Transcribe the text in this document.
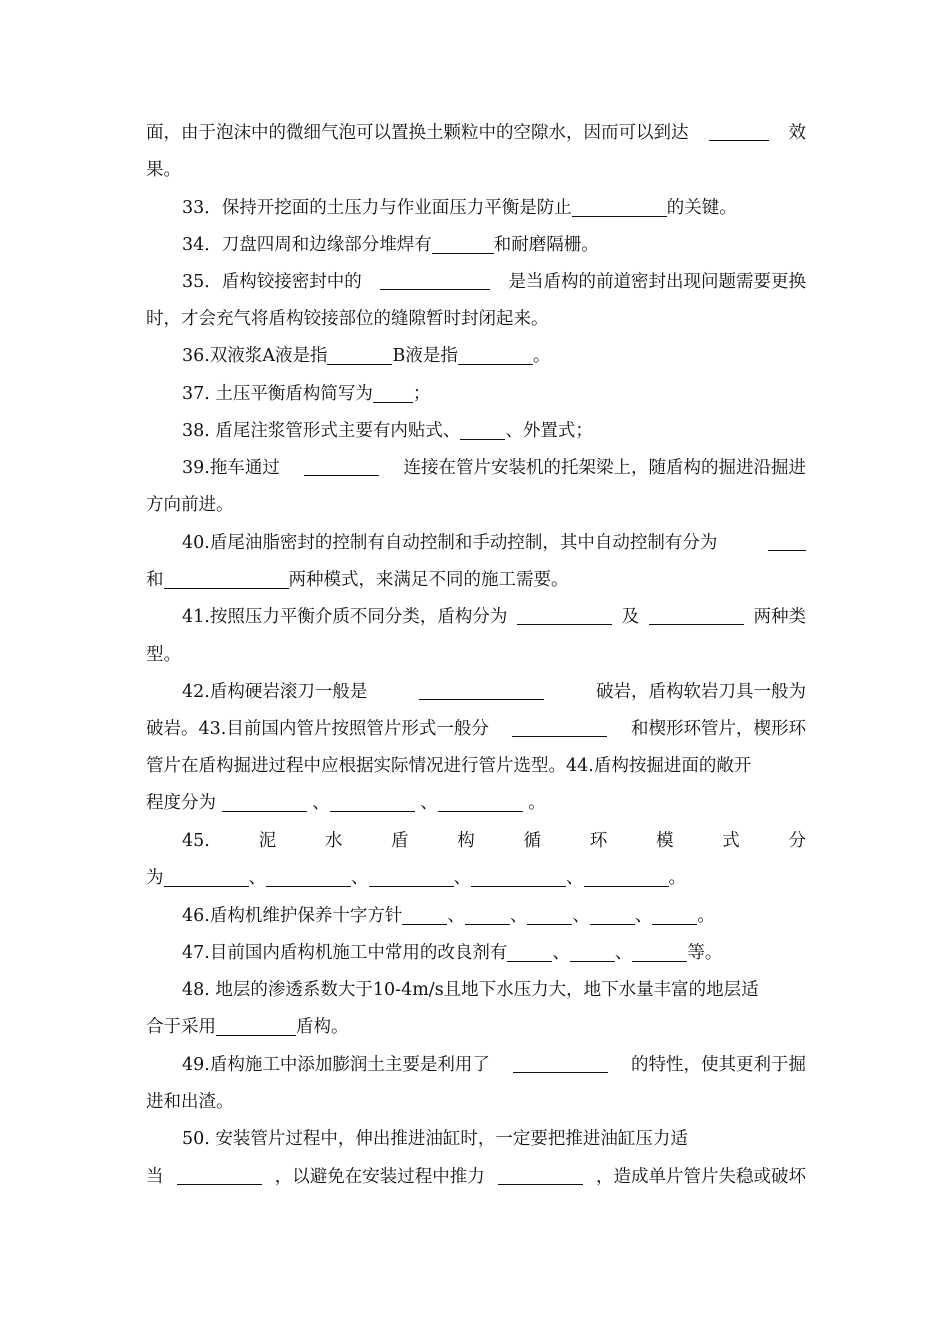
面，由于泡沫中的微细气泡可以置换土颗粒中的空隙水，因而可以到达	效
果。
33．保持开挖面的土压力与作业面压力平衡是防止	的关键。
34．刀盘四周和边缘部分堆焊有	和耐磨隔栅。
35．盾构铰接密封中的	是当盾构的前道密封出现问题需要更换
时，才会充气将盾构铰接部位的缝隙暂时封闭起来。
36.双液浆A液是指	B液是指	。
37. 土压平衡盾构简写为 ；
38. 盾尾注浆管形式主要有内贴式、	、外置式；
39.拖车通过	连接在管片安装机的托架梁上，随盾构的掘进沿掘进
方向前进。
40.盾尾油脂密封的控制有自动控制和手动控制，其中自动控制有分为
和	两种模式，来满足不同的施工需要。
41.按照压力平衡介质不同分类，盾构分为	及	两种类
型。
42.盾构硬岩滚刀一般是	破岩，盾构软岩刀具一般为
破岩。43.目前国内管片按照管片形式一般分	和楔形环管片，楔形环
管片在盾构掘进过程中应根据实际情况进行管片选型。44.盾构按掘进面的敞开
程度分为	、	、	。
45.	泥	水	盾	构	循	环	模	式	分
为	、	、	、	、	。
46.盾构机维护保养十字方针	、	、	、	、	。
47.目前国内盾构机施工中常用的改良剂有	、	、	等。
48. 地层的渗透系数大于10-4m/s且地下水压力大，地下水量丰富的地层适
合于采用	盾构。
49.盾构施工中添加膨润土主要是利用了	的特性，使其更利于掘
进和出渣。
50. 安装管片过程中，伸出推进油缸时，一定要把推进油缸压力适
当	，以避免在安装过程中推力	，造成单片管片失稳或破坏
